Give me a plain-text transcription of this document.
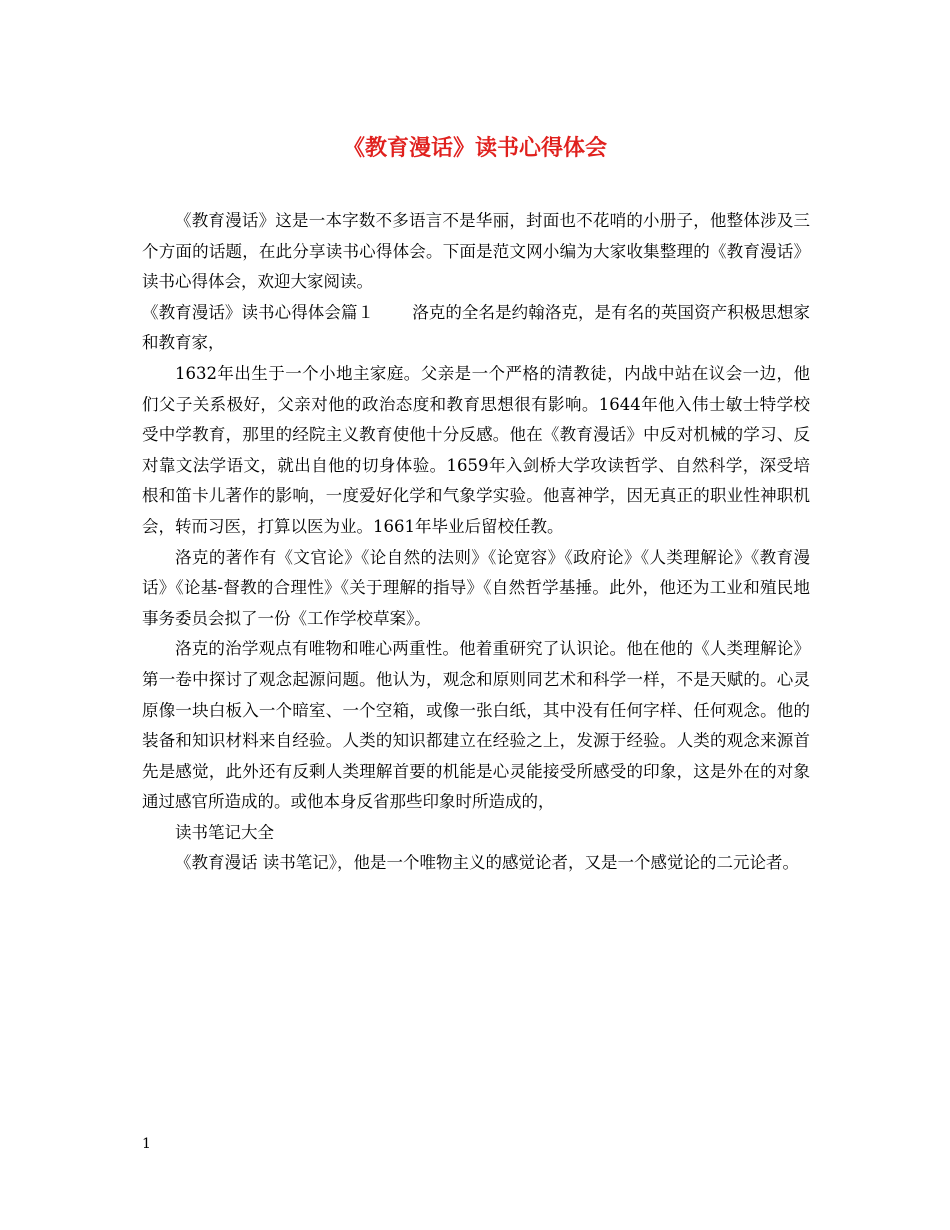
《教育漫话》读书心得体会

《教育漫话》这是一本字数不多语言不是华丽，封面也不花哨的小册子，他整体涉及三个方面的话题，在此分享读书心得体会。下面是范文网小编为大家收集整理的《教育漫话》读书心得体会，欢迎大家阅读。

《教育漫话》读书心得体会篇１ 洛克的全名是约翰洛克，是有名的英国资产积极思想家和教育家，

1632年出生于一个小地主家庭。父亲是一个严格的清教徒，内战中站在议会一边，他们父子关系极好，父亲对他的政治态度和教育思想很有影响。1644年他入伟士敏士特学校受中学教育，那里的经院主义教育使他十分反感。他在《教育漫话》中反对机械的学习、反对靠文法学语文，就出自他的切身体验。1659年入剑桥大学攻读哲学、自然科学，深受培根和笛卡儿著作的影响，一度爱好化学和气象学实验。他喜神学，因无真正的职业性神职机会，转而习医，打算以医为业。1661年毕业后留校任教。

洛克的著作有《文官论》《论自然的法则》《论宽容》《政府论》《人类理解论》《教育漫话》《论基-督教的合理性》《关于理解的指导》《自然哲学基捶。此外，他还为工业和殖民地事务委员会拟了一份《工作学校草案》。

洛克的治学观点有唯物和唯心两重性。他着重研究了认识论。他在他的《人类理解论》第一卷中探讨了观念起源问题。他认为，观念和原则同艺术和科学一样，不是天赋的。心灵原像一块白板入一个暗室、一个空箱，或像一张白纸，其中没有任何字样、任何观念。他的装备和知识材料来自经验。人类的知识都建立在经验之上，发源于经验。人类的观念来源首先是感觉，此外还有反剩人类理解首要的机能是心灵能接受所感受的印象，这是外在的对象通过感官所造成的。或他本身反省那些印象时所造成的，

读书笔记大全

《教育漫话 读书笔记》，他是一个唯物主义的感觉论者，又是一个感觉论的二元论者。

1
